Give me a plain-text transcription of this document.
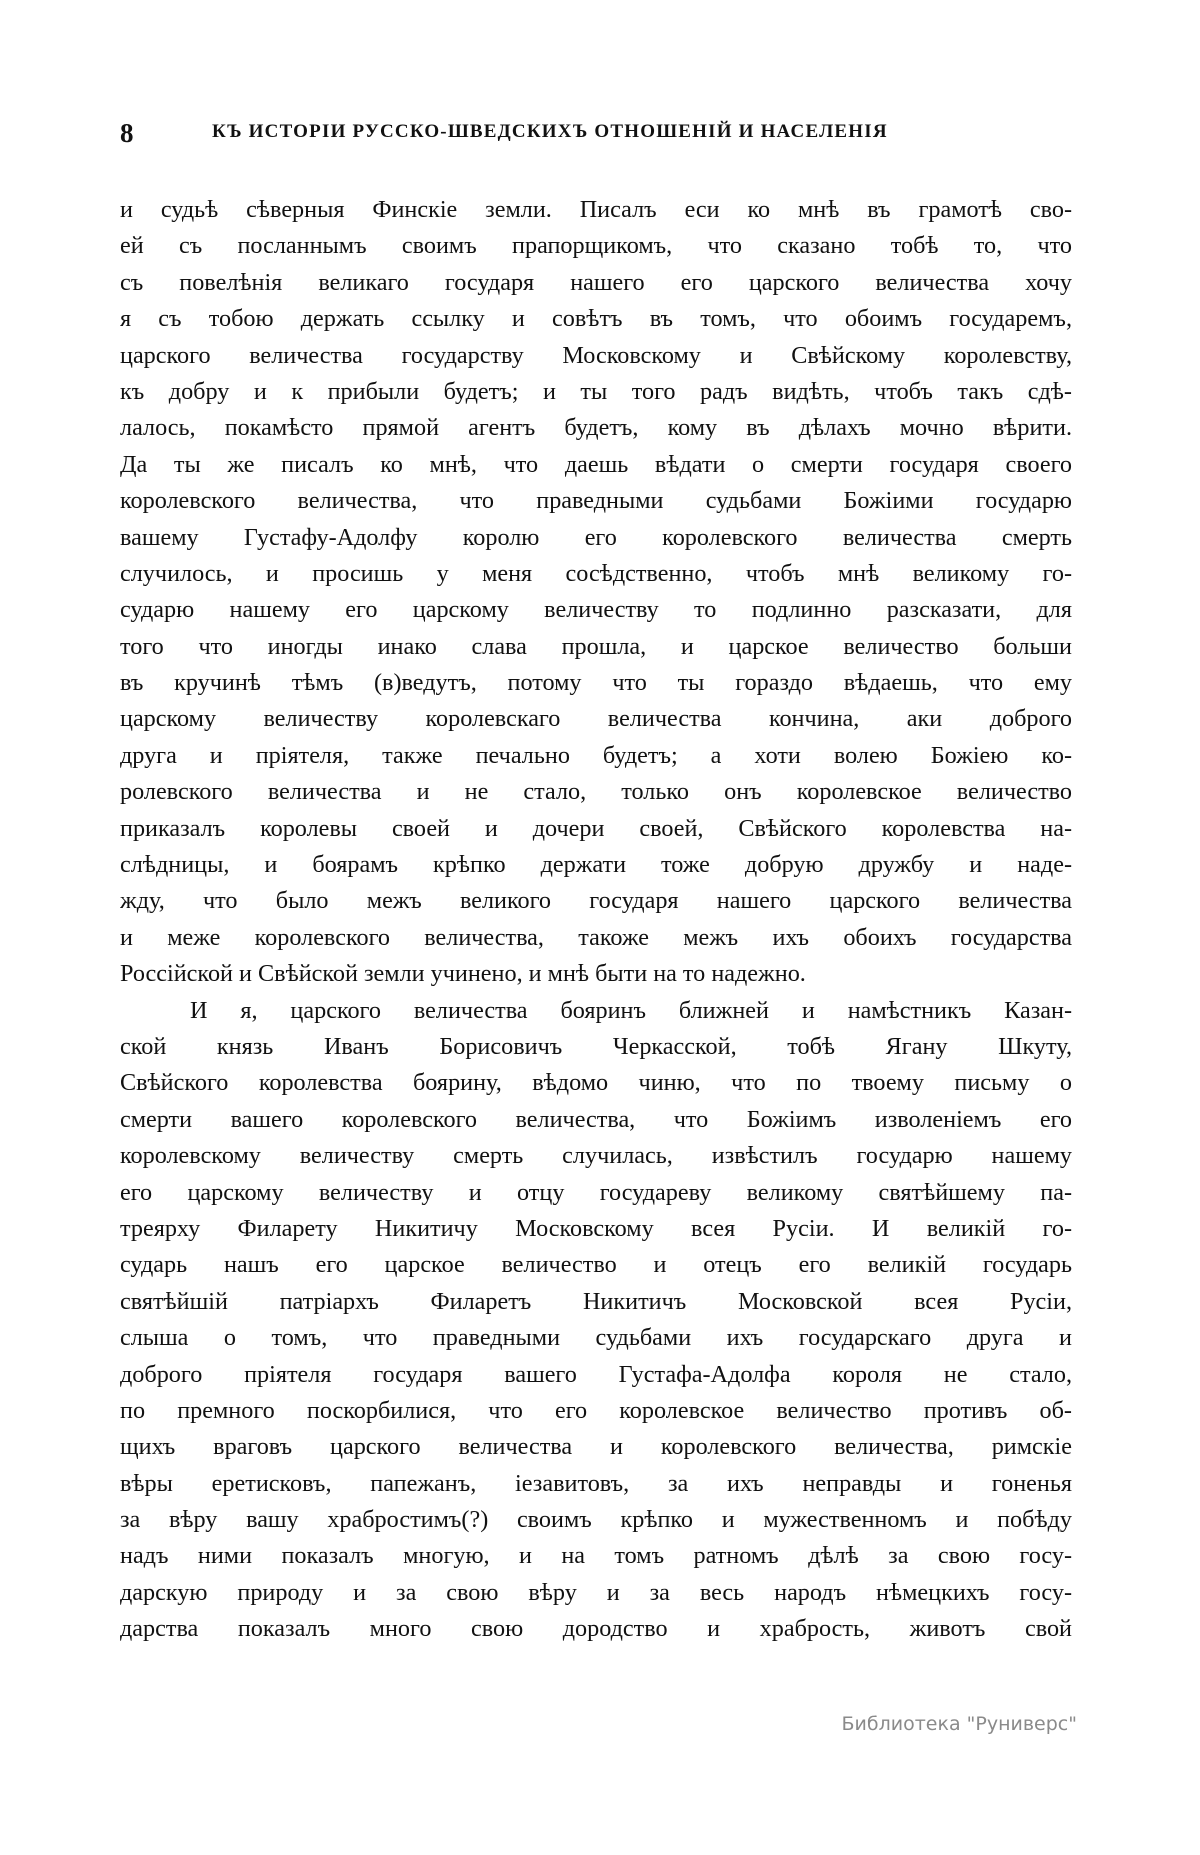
8	КЪ ИСТОРІИ РУССКО-ШВЕДСКИХЪ ОТНОШЕНІЙ И НАСЕЛЕНІЯ
и судьѣ сѣверныя Финскіе земли. Писалъ еси ко мнѣ въ грамотѣ сво-
ей съ посланнымъ своимъ прапорщикомъ, что сказано тобѣ то, что
съ повелѣнія великаго государя нашего его царского величества хочу
я съ тобою держать ссылку и совѣтъ въ томъ, что обоимъ государемъ,
царского величества государству Московскому и Свѣйскому королевству,
къ добру и к прибыли будетъ; и ты того радъ видѣть, чтобъ такъ сдѣ-
лалось, покамѣсто прямой агентъ будетъ, кому въ дѣлахъ мочно вѣрити.
Да ты же писалъ ко мнѣ, что даешь вѣдати о смерти государя своего
королевского величества, что праведными судьбами Божіими государю
вашему Густафу-Адолфу королю его королевского величества смерть
случилось, и просишь у меня сосѣдственно, чтобъ мнѣ великому го-
сударю нашему его царскому величеству то подлинно разсказати, для
того что иногды инако слава прошла, и царское величество больши
въ кручинѣ тѣмъ (в)ведутъ, потому что ты гораздо вѣдаешь, что ему
царскому величеству королевскаго величества кончина, аки доброго
друга и пріятеля, также печально будетъ; а хоти волею Божіею ко-
ролевского величества и не стало, только онъ королевское величество
приказалъ королевы своей и дочери своей, Свѣйского королевства на-
слѣдницы, и боярамъ крѣпко держати тоже добрую дружбу и наде-
жду, что было межъ великого государя нашего царского величества
и меже королевского величества, такоже межъ ихъ обоихъ государства
Россійской и Свѣйской земли учинено, и мнѣ быти на то надежно.
И я, царского величества бояринъ ближней и намѣстникъ Казан-
ской князь Иванъ Борисовичъ Черкасской, тобѣ Ягану Шкуту,
Свѣйского королевства боярину, вѣдомо чиню, что по твоему письму о
смерти вашего королевского величества, что Божіимъ изволеніемъ его
королевскому величеству смерть случилась, извѣстилъ государю нашему
его царскому величеству и отцу государеву великому святѣйшему па-
треярху Филарету Никитичу Московскому всея Русіи. И великій го-
сударь нашъ его царское величество и отецъ его великій государь
святѣйшій патріархъ Филаретъ Никитичъ Московской всея Русіи,
слыша о томъ, что праведными судьбами ихъ государскаго друга и
доброго пріятеля государя вашего Густафа-Адолфа короля не стало,
по премного поскорбилися, что его королевское величество противъ об-
щихъ враговъ царского величества и королевского величества, римскіе
вѣры еретисковъ, папежанъ, іезавитовъ, за ихъ неправды и гоненья
за вѣру вашу храбростимъ(?) своимъ крѣпко и мужественномъ и побѣду
надъ ними показалъ многую, и на томъ ратномъ дѣлѣ за свою госу-
дарскую природу и за свою вѣру и за весь народъ нѣмецкихъ госу-
дарства показалъ много свою дородство и храбрость, животъ свой
Библиотека "Руниверс"
